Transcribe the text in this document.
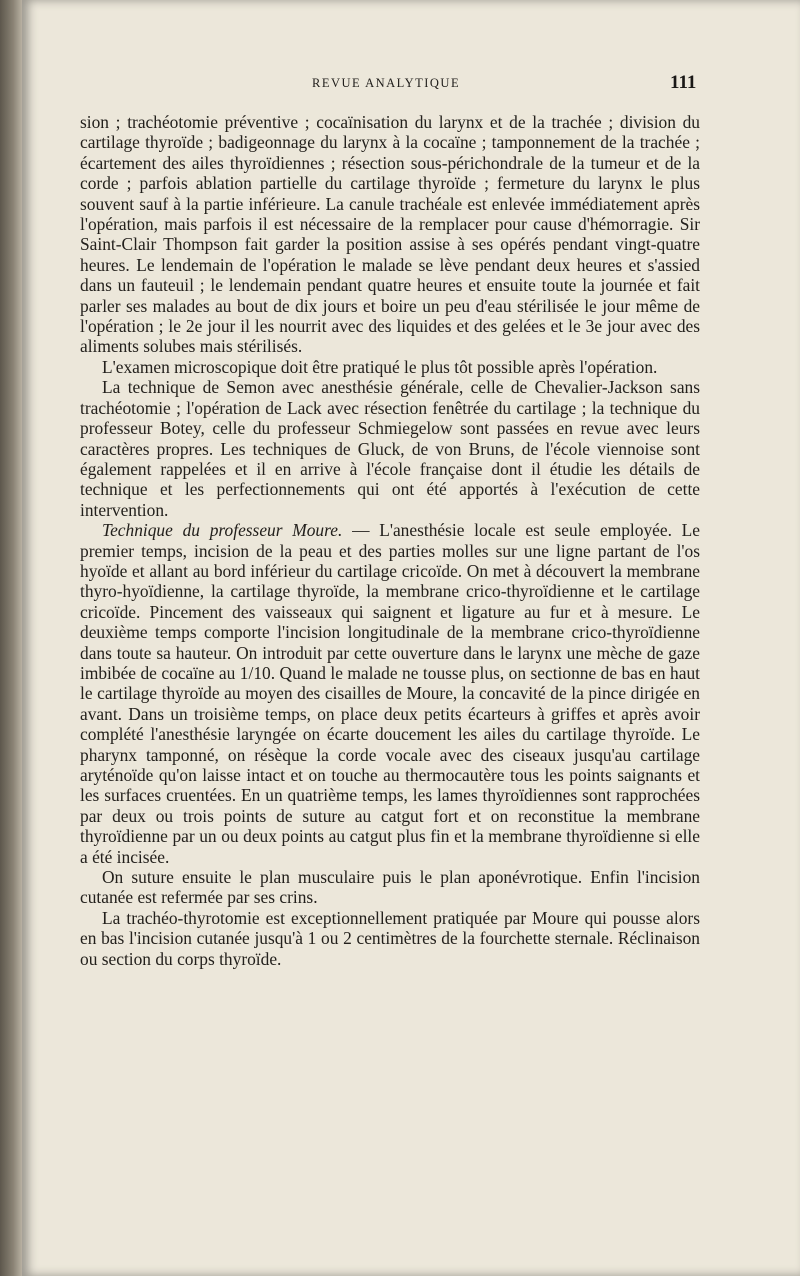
REVUE ANALYTIQUE	111

sion ; trachéotomie préventive ; cocaïnisation du larynx et de la trachée ; division du cartilage thyroïde ; badigeonnage du larynx à la cocaïne ; tamponnement de la trachée ; écartement des ailes thyroïdiennes ; résection sous-périchondrale de la tumeur et de la corde ; parfois ablation partielle du cartilage thyroïde ; fermeture du larynx le plus souvent sauf à la partie inférieure. La canule trachéale est enlevée immédiatement après l'opération, mais parfois il est nécessaire de la remplacer pour cause d'hémorragie. Sir Saint-Clair Thompson fait garder la position assise à ses opérés pendant vingt-quatre heures. Le lendemain de l'opération le malade se lève pendant deux heures et s'assied dans un fauteuil ; le lendemain pendant quatre heures et ensuite toute la journée et fait parler ses malades au bout de dix jours et boire un peu d'eau stérilisée le jour même de l'opération ; le 2e jour il les nourrit avec des liquides et des gelées et le 3e jour avec des aliments solubes mais stérilisés.

L'examen microscopique doit être pratiqué le plus tôt possible après l'opération.

La technique de Semon avec anesthésie générale, celle de Chevalier-Jackson sans trachéotomie ; l'opération de Lack avec résection fenêtrée du cartilage ; la technique du professeur Botey, celle du professeur Schmiegelow sont passées en revue avec leurs caractères propres. Les techniques de Gluck, de von Bruns, de l'école viennoise sont également rappelées et il en arrive à l'école française dont il étudie les détails de technique et les perfectionnements qui ont été apportés à l'exécution de cette intervention.

Technique du professeur Moure. — L'anesthésie locale est seule employée. Le premier temps, incision de la peau et des parties molles sur une ligne partant de l'os hyoïde et allant au bord inférieur du cartilage cricoïde. On met à découvert la membrane thyro-hyoïdienne, la cartilage thyroïde, la membrane crico-thyroïdienne et le cartilage cricoïde. Pincement des vaisseaux qui saignent et ligature au fur et à mesure. Le deuxième temps comporte l'incision longitudinale de la membrane crico-thyroïdienne dans toute sa hauteur. On introduit par cette ouverture dans le larynx une mèche de gaze imbibée de cocaïne au 1/10. Quand le malade ne tousse plus, on sectionne de bas en haut le cartilage thyroïde au moyen des cisailles de Moure, la concavité de la pince dirigée en avant. Dans un troisième temps, on place deux petits écarteurs à griffes et après avoir complété l'anesthésie laryngée on écarte doucement les ailes du cartilage thyroïde. Le pharynx tamponné, on résèque la corde vocale avec des ciseaux jusqu'au cartilage aryténoïde qu'on laisse intact et on touche au thermocautère tous les points saignants et les surfaces cruentées. En un quatrième temps, les lames thyroïdiennes sont rapprochées par deux ou trois points de suture au catgut fort et on reconstitue la membrane thyroïdienne par un ou deux points au catgut plus fin et la membrane thyroïdienne si elle a été incisée.

On suture ensuite le plan musculaire puis le plan aponévrotique. Enfin l'incision cutanée est refermée par ses crins.

La trachéo-thyrotomie est exceptionnellement pratiquée par Moure qui pousse alors en bas l'incision cutanée jusqu'à 1 ou 2 centimètres de la fourchette sternale. Réclinaison ou section du corps thyroïde.
